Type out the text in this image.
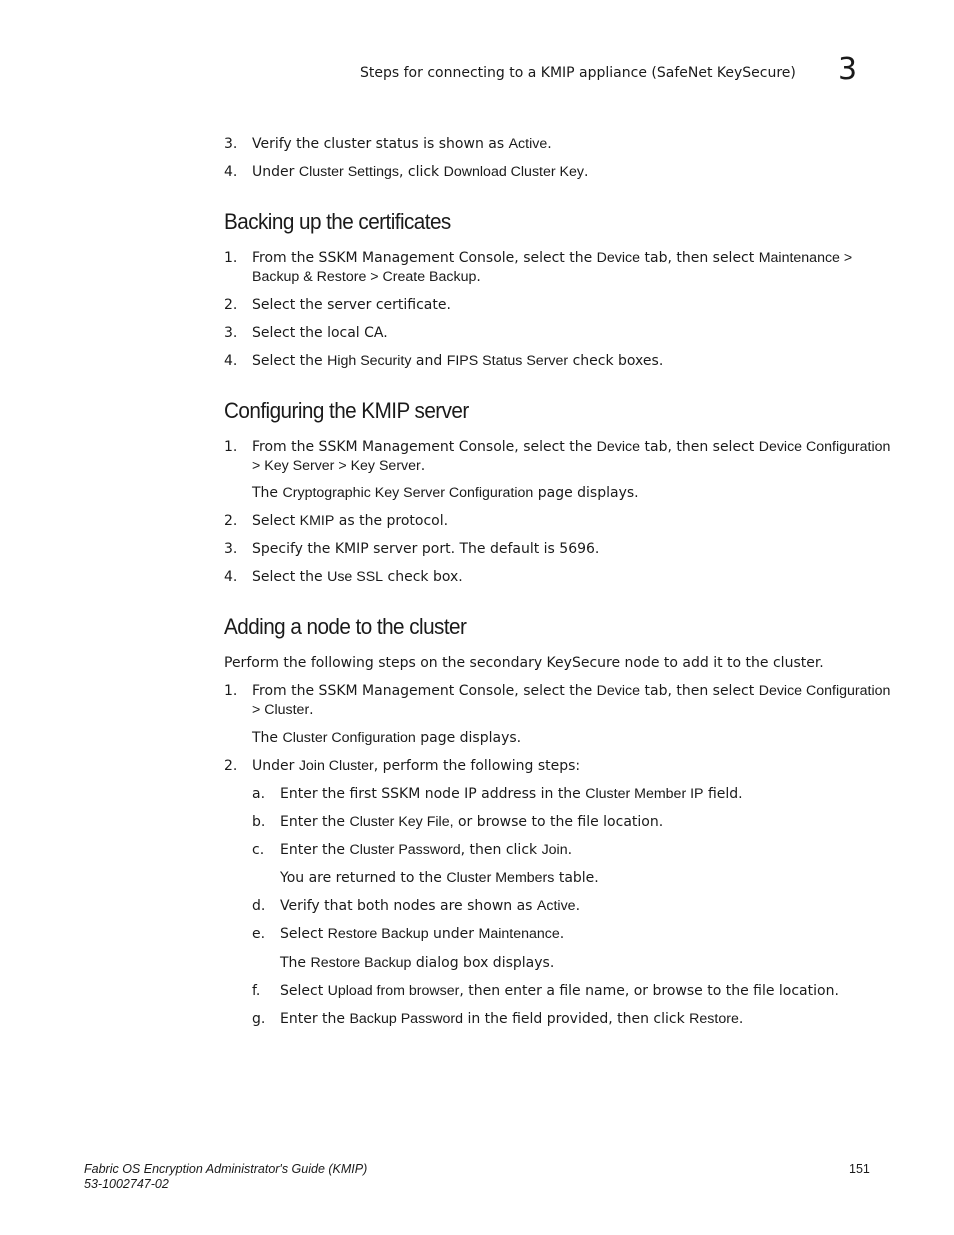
Steps for connecting to a KMIP appliance (SafeNet KeySecure) 3
3. Verify the cluster status is shown as Active.
4. Under Cluster Settings, click Download Cluster Key.
Backing up the certificates
1. From the SSKM Management Console, select the Device tab, then select Maintenance >
Backup & Restore > Create Backup.
2. Select the server certificate.
3. Select the local CA.
4. Select the High Security and FIPS Status Server check boxes.
Configuring the KMIP server
1. From the SSKM Management Console, select the Device tab, then select Device Configuration
> Key Server > Key Server.
The Cryptographic Key Server Configuration page displays.
2. Select KMIP as the protocol.
3. Specify the KMIP server port. The default is 5696.
4. Select the Use SSL check box.
Adding a node to the cluster
Perform the following steps on the secondary KeySecure node to add it to the cluster.
1. From the SSKM Management Console, select the Device tab, then select Device Configuration
> Cluster.
The Cluster Configuration page displays.
2. Under Join Cluster, perform the following steps:
a. Enter the first SSKM node IP address in the Cluster Member IP field.
b. Enter the Cluster Key File, or browse to the file location.
c. Enter the Cluster Password, then click Join.
You are returned to the Cluster Members table.
d. Verify that both nodes are shown as Active.
e. Select Restore Backup under Maintenance.
The Restore Backup dialog box displays.
f. Select Upload from browser, then enter a file name, or browse to the file location.
g. Enter the Backup Password in the field provided, then click Restore.
Fabric OS Encryption Administrator's Guide (KMIP)
53-1002747-02
151
